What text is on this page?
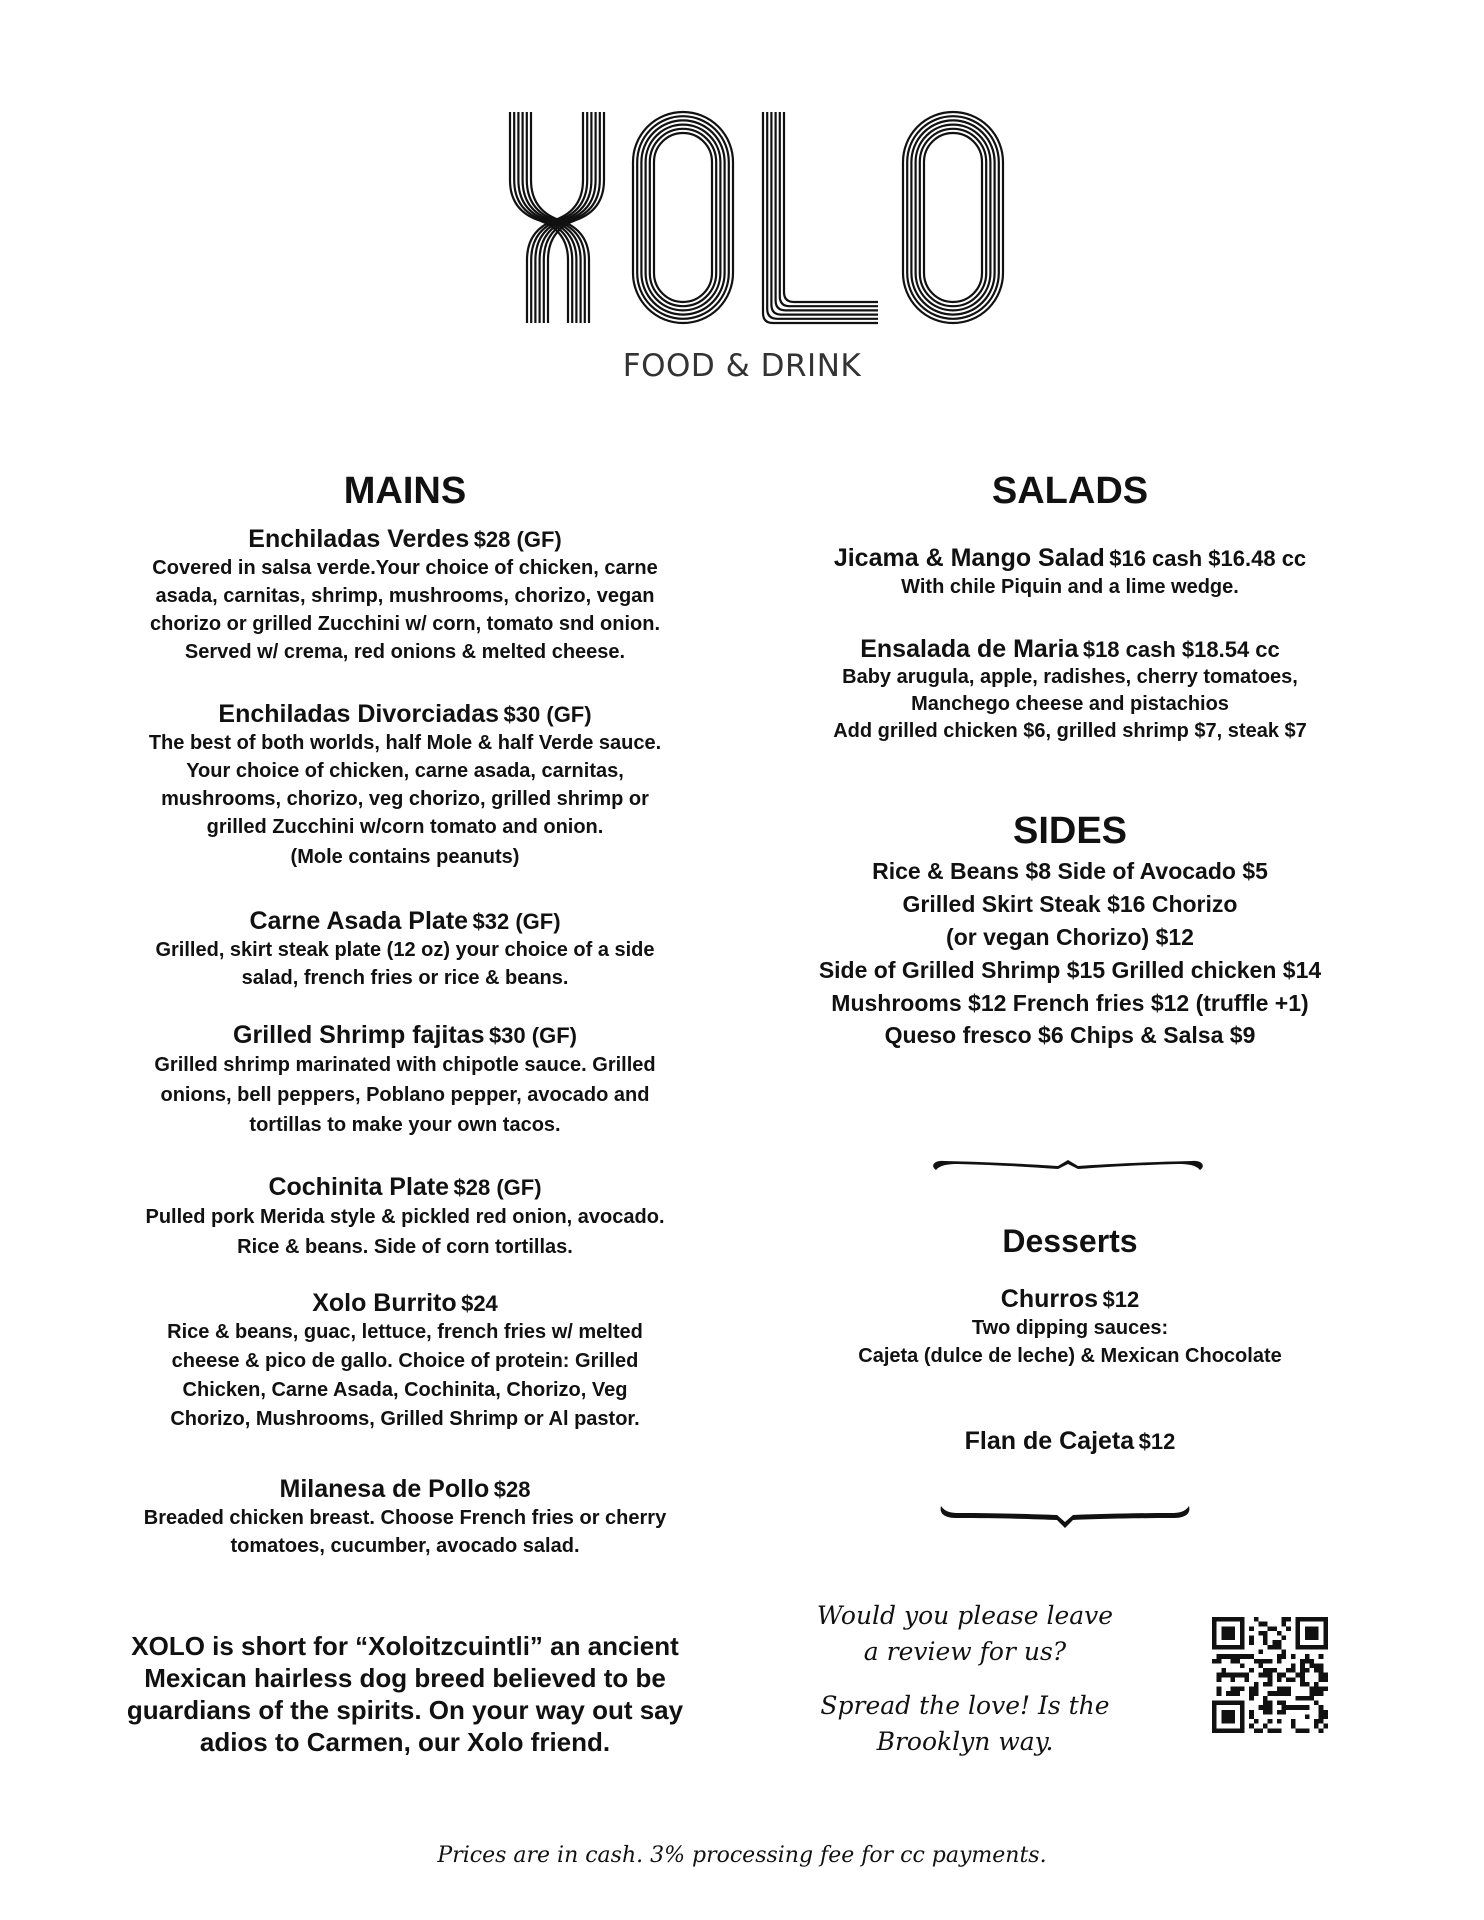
FOOD & DRINK
MAINS	SALADS
SIDES
Desserts
Enchiladas Verdes $28 (GF)
Covered in salsa verde.Your choice of chicken, carne
asada, carnitas, shrimp, mushrooms, chorizo, vegan
chorizo or grilled Zucchini w/ corn, tomato snd onion.
Served w/ crema, red onions & melted cheese.
Enchiladas Divorciadas $30 (GF)
The best of both worlds, half Mole & half Verde sauce.
Your choice of chicken, carne asada, carnitas,
mushrooms, chorizo, veg chorizo, grilled shrimp or
grilled Zucchini w/corn tomato and onion.
(Mole contains peanuts)
Carne Asada Plate $32 (GF)
Grilled, skirt steak plate (12 oz) your choice of a side
salad, french fries or rice & beans.
Grilled Shrimp fajitas $30 (GF)
Grilled shrimp marinated with chipotle sauce. Grilled
onions, bell peppers, Poblano pepper, avocado and
tortillas to make your own tacos.
Cochinita Plate $28 (GF)
Pulled pork Merida style & pickled red onion, avocado.
Rice & beans. Side of corn tortillas.
Xolo Burrito $24
Rice & beans, guac, lettuce, french fries w/ melted
cheese & pico de gallo. Choice of protein: Grilled
Chicken, Carne Asada, Cochinita, Chorizo, Veg
Chorizo, Mushrooms, Grilled Shrimp or Al pastor.
Milanesa de Pollo $28
Breaded chicken breast. Choose French fries or cherry
tomatoes, cucumber, avocado salad.
Jicama & Mango Salad $16 cash $16.48 cc
With chile Piquin and a lime wedge.
Ensalada de Maria $18 cash $18.54 cc
Baby arugula, apple, radishes, cherry tomatoes,
Manchego cheese and pistachios
Add grilled chicken $6, grilled shrimp $7, steak $7
Rice & Beans $8 Side of Avocado $5
Grilled Skirt Steak $16 Chorizo
(or vegan Chorizo) $12
Side of Grilled Shrimp $15 Grilled chicken $14
Mushrooms $12 French fries $12 (truffle +1)
Queso fresco $6 Chips & Salsa $9
Churros $12
Two dipping sauces:
Cajeta (dulce de leche) & Mexican Chocolate
Flan de Cajeta $12
XOLO is short for “Xoloitzcuintli” an ancient Mexican hairless dog breed believed to be guardians of the spirits. On your way out say adios to Carmen, our Xolo friend.

Would you please leave a review for us?

Spread the love! Is the Brooklyn way.

Prices are in cash. 3% processing fee for cc payments.
